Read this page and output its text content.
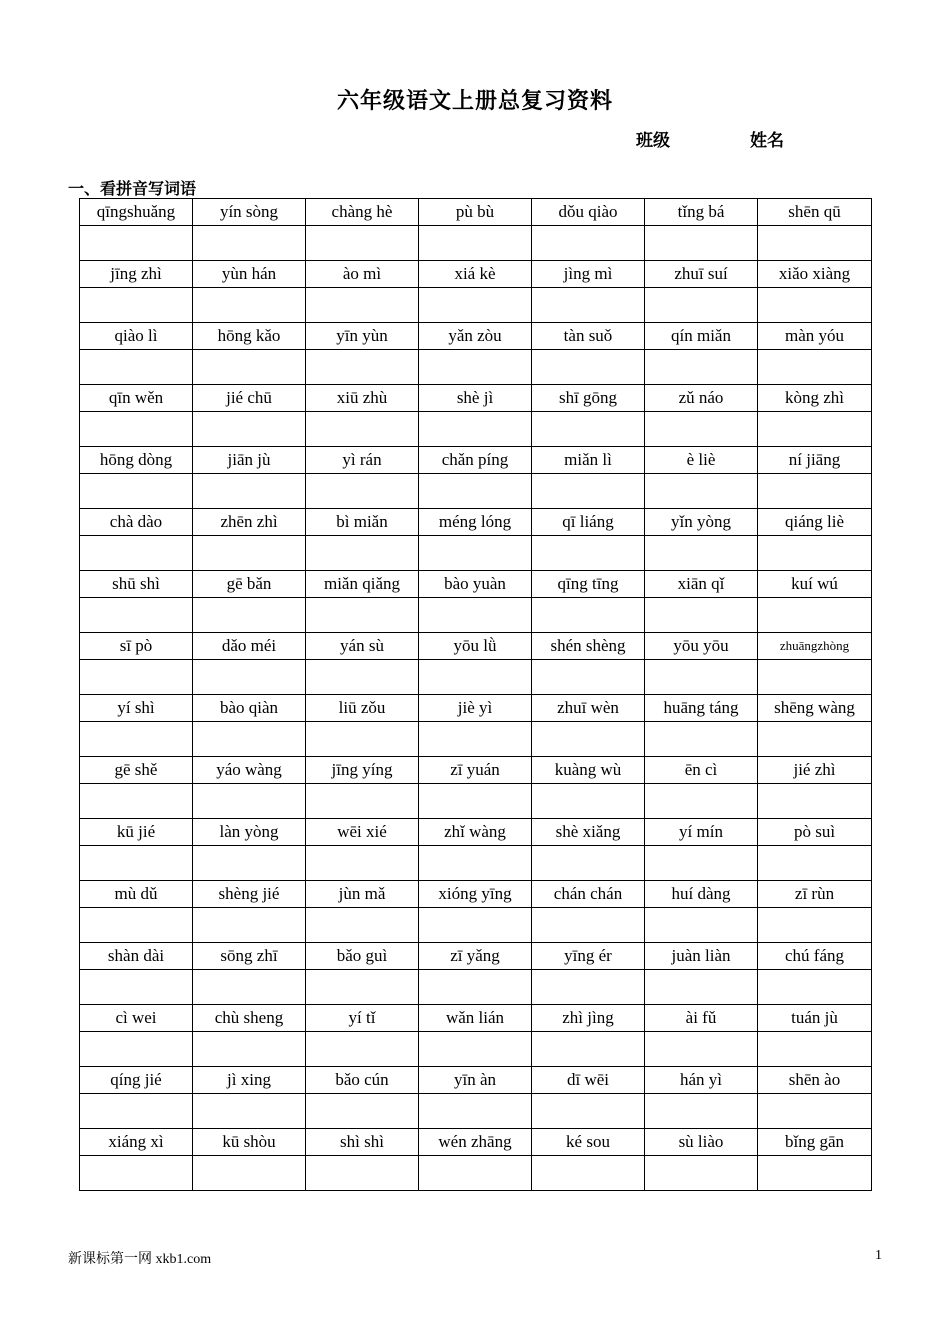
六年级语文上册总复习资料
班级	姓名
一、看拼音写词语
qīngshuǎng	yín sòng	chàng hè	pù bù	dǒu qiào	tǐng bá	shēn qū

jīng zhì	yùn hán	ào mì	xiá kè	jìng mì	zhuī suí	xiǎo xiàng

qiào lì	hōng kǎo	yīn yùn	yǎn zòu	tàn suǒ	qín miǎn	màn yóu

qīn wěn	jié chū	xiū zhù	shè jì	shī gōng	zǔ náo	kòng zhì

hōng dòng	jiān jù	yì rán	chǎn píng	miǎn lì	è liè	ní jiāng

chà dào	zhēn zhì	bì miǎn	méng lóng	qī liáng	yǐn yòng	qiáng liè

shū shì	gē bǎn	miǎn qiǎng	bào yuàn	qīng tīng	xiān qǐ	kuí wú

sī pò	dǎo méi	yán sù	yōu lǜ	shén shèng	yōu yōu	zhuāngzhòng

yí shì	bào qiàn	liū zǒu	jiè yì	zhuī wèn	huāng táng	shēng wàng

gē shě	yáo wàng	jīng yíng	zī yuán	kuàng wù	ēn cì	jié zhì

kū jié	làn yòng	wēi xié	zhǐ wàng	shè xiǎng	yí mín	pò suì

mù dǔ	shèng jié	jùn mǎ	xióng yīng	chán chán	huí dàng	zī rùn

shàn dài	sōng zhī	bǎo guì	zī yǎng	yīng ér	juàn liàn	chú fáng

cì wei	chù sheng	yí tǐ	wǎn lián	zhì jìng	ài fǔ	tuán jù

qíng jié	jì xing	bǎo cún	yīn àn	dī wēi	hán yì	shēn ào

xiáng xì	kū shòu	shì shì	wén zhāng	ké sou	sù liào	bǐng gān

新课标第一网 xkb1.com	1
